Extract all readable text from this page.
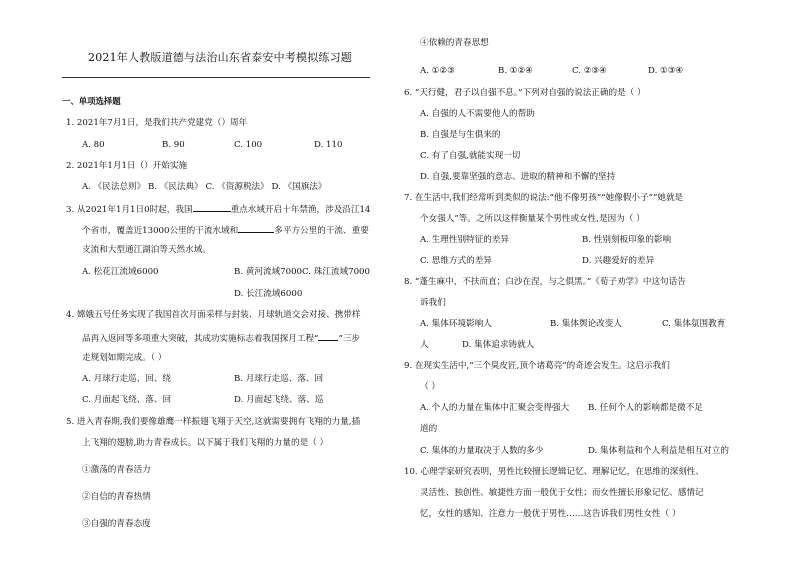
2021年人教版道德与法治山东省泰安中考模拟练习题
一、单项选择题
1. 2021年7月1日，是我们共产党建党（）周年
A. 80	B. 90	C. 100	D. 110
2. 2021年1月1日（）开始实施
A. 《民法总则》 B. 《民法典》 C. 《资源税法》 D. 《国旗法》
3. 从2021年1月1日0时起，我国	重点水域开启十年禁渔，涉及沿江14
个省市，覆盖近13000公里的干流水域和	多平方公里的干流、重要
支流和大型通江湖泊等天然水域。
A. 松花江流域6000	B. 黄河流域7000 C. 珠江流域7000
D. 长江流域6000
4. 嫦娥五号任务实现了我国首次月面采样与封装、月球轨道交会对接、携带样
品再入返回等多项重大突破，其成功实施标志着我国探月工程“ ”三步
走规划如期完成。（ ）
A. 月球行走巡、回、绕	B. 月球行走巡、落、回
C. 月面起飞绕、落、回	D. 月面起飞绕、落、巡
5. 进入青春期,我们要像雄鹰一样振翅飞翔于天空,这就需要拥有飞翔的力量,插
上飞翔的翅膀,助力青春成长。以下属于我们飞翔的力量的是（ ）
①激荡的青春活力
②自信的青春热情
③自强的青春态度
④依赖的青春思想
A. ①②③	B. ①②④	C. ②③④	D. ①③④
6. “天行健，君子以自强不息。”下列对自强的说法正确的是（ ）
A. 自强的人不需要他人的帮助
B. 自强是与生俱来的
C. 有了自强,就能实现一切
D. 自强,要靠坚强的意志、进取的精神和不懈的坚持
7. 在生活中,我们经常听到类似的说法:“他不像男孩”“她像假小子”“她就是
个女强人”等。之所以这样衡量某个男性或女性,是因为（ ）
A. 生理性别特征的差异	B. 性别刻板印象的影响
C. 思维方式的差异	D. 兴趣爱好的差异
8. “蓬生麻中，不扶而直；白沙在涅，与之俱黑。”《荀子劝学》中这句话告
诉我们
A. 集体环境影响人	B. 集体舆论改变人	C. 集体氛围教育
人	D. 集体追求铸就人
9. 在现实生活中,“三个臭皮匠,顶个诸葛亮”的奇迹会发生。这启示我们
（ ）
A. 个人的力量在集体中汇聚会变得强大 B. 任何个人的影响都是微不足
道的
C. 集体的力量取决于人数的多少	D. 集体利益和个人利益是相互对立的
10. 心理学家研究表明，男性比较擅长逻辑记忆、理解记忆，在思维的深刻性、
灵活性、独创性、敏捷性方面一般优于女性；而女性擅长形象记忆、感情记
忆，女性的感知、注意力一般优于男性……这告诉我们男性女性（ ）
